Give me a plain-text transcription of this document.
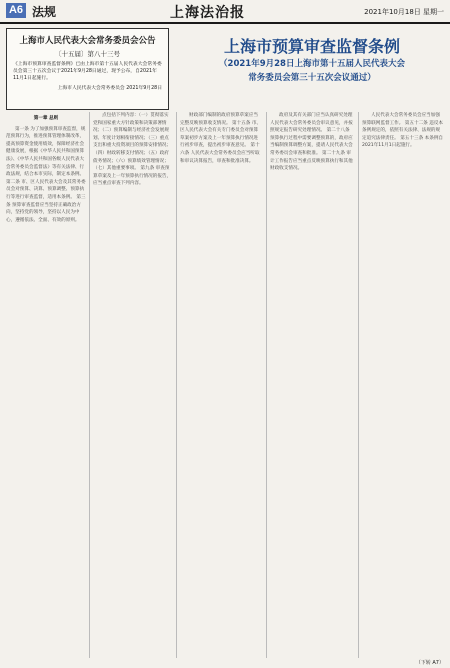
A6 法规	上海法治报	2021年10月18日 星期一
上海市人民代表大会常务委员会公告
〔十五届〕第八十三号
《上海市预算审查监督条例》已由上海市第十五届人民代表大会常务委员会第三十五次会议于2021年9月28日通过，现予公布，自2021年11月1日起施行。
上海市人民代表大会常务委员会 2021年9月28日
上海市预算审查监督条例
（2021年9月28日上海市第十五届人民代表大会
常务委员会第三十五次会议通过）

第一章 总则

第一条 为了加强预算审查监督，规范预算行为，推进预算管理体制改革，提高预算资金使用绩效，保障经济社会健康发展，根据《中华人民共和国预算法》、《中华人民共和国各级人民代表大会常务委员会监督法》等有关法律、行政法规，结合本市实际，制定本条例。 第二条 市、区人民代表大会及其常务委员会对预算、决算、预算调整、预算执行等进行审查监督，适用本条例。 第三条 预算审查监督应当坚持正确政治方向，坚持党的领导，坚持以人民为中心，遵循依法、全面、有效的原则。

点包括下列内容：（一）贯彻落实党和国家重大方针政策和决策部署情况；（二）预算编制与经济社会发展规划、年度计划相衔接情况；（三）重点支出和重大投资项目的预算安排情况；（四）财政转移支付情况；（五）政府债务情况；（六）预算绩效管理情况；（七）其他重要事项。 第九条 审查预算草案及上一年预算执行情况的报告，应当重点审查下列内容。

财政部门编制的政府预算草案应当完整反映预算收支情况。 第十五条 市、区人民代表大会有关专门委员会对预算草案初步方案及上一年预算执行情况进行初步审查，提出初步审查意见。 第十六条 人民代表大会常务委员会应当听取和审议决算报告，审查和批准决算。

政府及其有关部门应当认真研究处理人民代表大会常务委员会审议意见，并按照规定报告研究处理情况。 第二十八条 预算执行过程中需要调整预算的，政府应当编制预算调整方案，提请人民代表大会常务委员会审查和批准。 第二十九条 审计工作报告应当重点反映预算执行和其他财政收支情况。

人民代表大会常务委员会应当加强预算联网监督工作。 第五十二条 违反本条例规定的，依照有关法律、法规的规定追究法律责任。 第五十三条 本条例自2021年11月1日起施行。

（下转 A7）
